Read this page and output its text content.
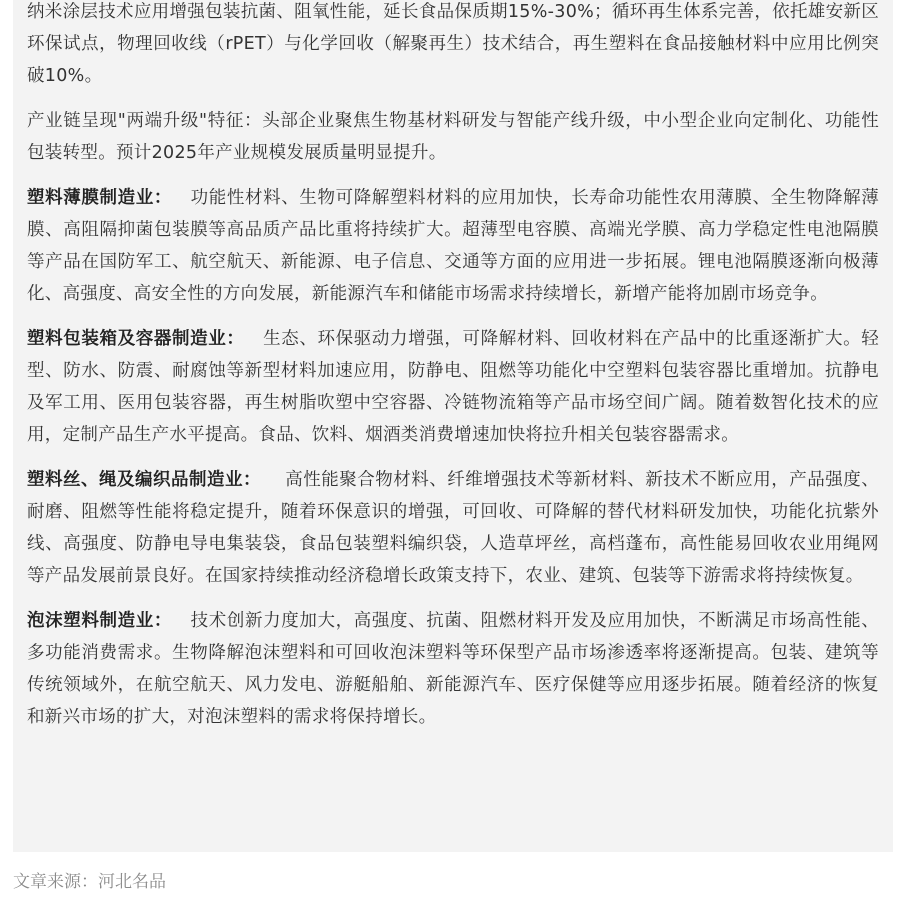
纳米涂层技术应用增强包装抗菌、阻氧性能，延长食品保质期15%-30%；循环再生体系完善，依托雄安新区环保试点，物理回收线（rPET）与化学回收（解聚再生）技术结合，再生塑料在食品接触材料中应用比例突破10%。

产业链呈现"两端升级"特征：头部企业聚焦生物基材料研发与智能产线升级，中小型企业向定制化、功能性包装转型。预计2025年产业规模发展质量明显提升。

塑料薄膜制造业： 功能性材料、生物可降解塑料材料的应用加快，长寿命功能性农用薄膜、全生物降解薄膜、高阻隔抑菌包装膜等高品质产品比重将持续扩大。超薄型电容膜、高端光学膜、高力学稳定性电池隔膜等产品在国防军工、航空航天、新能源、电子信息、交通等方面的应用进一步拓展。锂电池隔膜逐渐向极薄化、高强度、高安全性的方向发展，新能源汽车和储能市场需求持续增长，新增产能将加剧市场竞争。

塑料包装箱及容器制造业： 生态、环保驱动力增强，可降解材料、回收材料在产品中的比重逐渐扩大。轻型、防水、防震、耐腐蚀等新型材料加速应用，防静电、阻燃等功能化中空塑料包装容器比重增加。抗静电及军工用、医用包装容器，再生树脂吹塑中空容器、冷链物流箱等产品市场空间广阔。随着数智化技术的应用，定制产品生产水平提高。食品、饮料、烟酒类消费增速加快将拉升相关包装容器需求。

塑料丝、绳及编织品制造业： 高性能聚合物材料、纤维增强技术等新材料、新技术不断应用，产品强度、耐磨、阻燃等性能将稳定提升，随着环保意识的增强，可回收、可降解的替代材料研发加快，功能化抗紫外线、高强度、防静电导电集装袋，食品包装塑料编织袋，人造草坪丝，高档蓬布，高性能易回收农业用绳网等产品发展前景良好。在国家持续推动经济稳增长政策支持下，农业、建筑、包装等下游需求将持续恢复。

泡沫塑料制造业： 技术创新力度加大，高强度、抗菌、阻燃材料开发及应用加快，不断满足市场高性能、多功能消费需求。生物降解泡沫塑料和可回收泡沫塑料等环保型产品市场渗透率将逐渐提高。包装、建筑等传统领域外，在航空航天、风力发电、游艇船舶、新能源汽车、医疗保健等应用逐步拓展。随着经济的恢复和新兴市场的扩大，对泡沫塑料的需求将保持增长。

文章来源：河北名品
